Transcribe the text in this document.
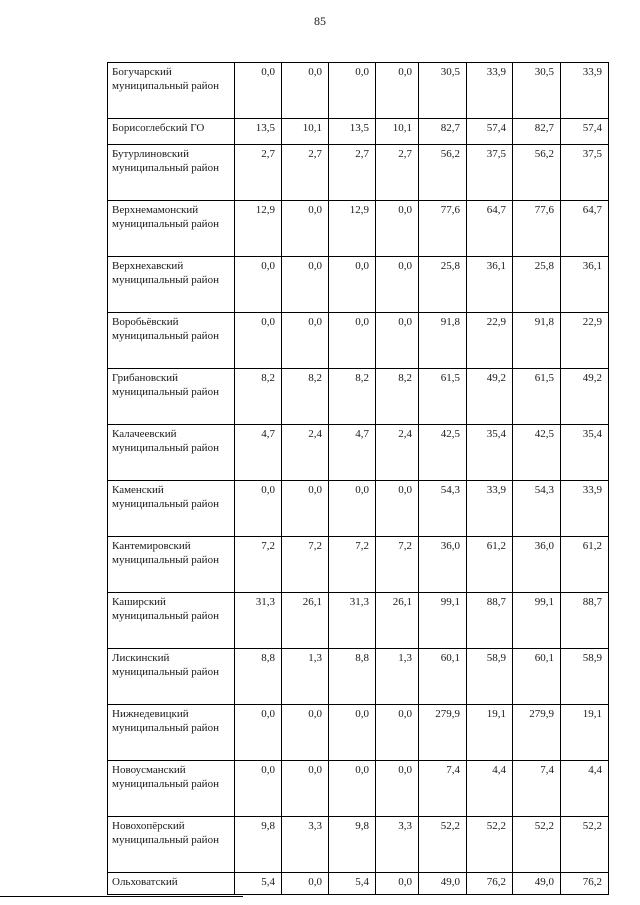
85
Богучарский муниципальный район	0,0	0,0	0,0	0,0	30,5	33,9	30,5	33,9
Борисоглебский ГО	13,5	10,1	13,5	10,1	82,7	57,4	82,7	57,4
Бутурлиновский муниципальный район	2,7	2,7	2,7	2,7	56,2	37,5	56,2	37,5
Верхнемамонский муниципальный район	12,9	0,0	12,9	0,0	77,6	64,7	77,6	64,7
Верхнехавский муниципальный район	0,0	0,0	0,0	0,0	25,8	36,1	25,8	36,1
Воробьёвский муниципальный район	0,0	0,0	0,0	0,0	91,8	22,9	91,8	22,9
Грибановский муниципальный район	8,2	8,2	8,2	8,2	61,5	49,2	61,5	49,2
Калачеевский муниципальный район	4,7	2,4	4,7	2,4	42,5	35,4	42,5	35,4
Каменский муниципальный район	0,0	0,0	0,0	0,0	54,3	33,9	54,3	33,9
Кантемировский муниципальный район	7,2	7,2	7,2	7,2	36,0	61,2	36,0	61,2
Каширский муниципальный район	31,3	26,1	31,3	26,1	99,1	88,7	99,1	88,7
Лискинский муниципальный район	8,8	1,3	8,8	1,3	60,1	58,9	60,1	58,9
Нижнедевицкий муниципальный район	0,0	0,0	0,0	0,0	279,9	19,1	279,9	19,1
Новоусманский муниципальный район	0,0	0,0	0,0	0,0	7,4	4,4	7,4	4,4
Новохопёрский муниципальный район	9,8	3,3	9,8	3,3	52,2	52,2	52,2	52,2
Ольховатский	5,4	0,0	5,4	0,0	49,0	76,2	49,0	76,2
